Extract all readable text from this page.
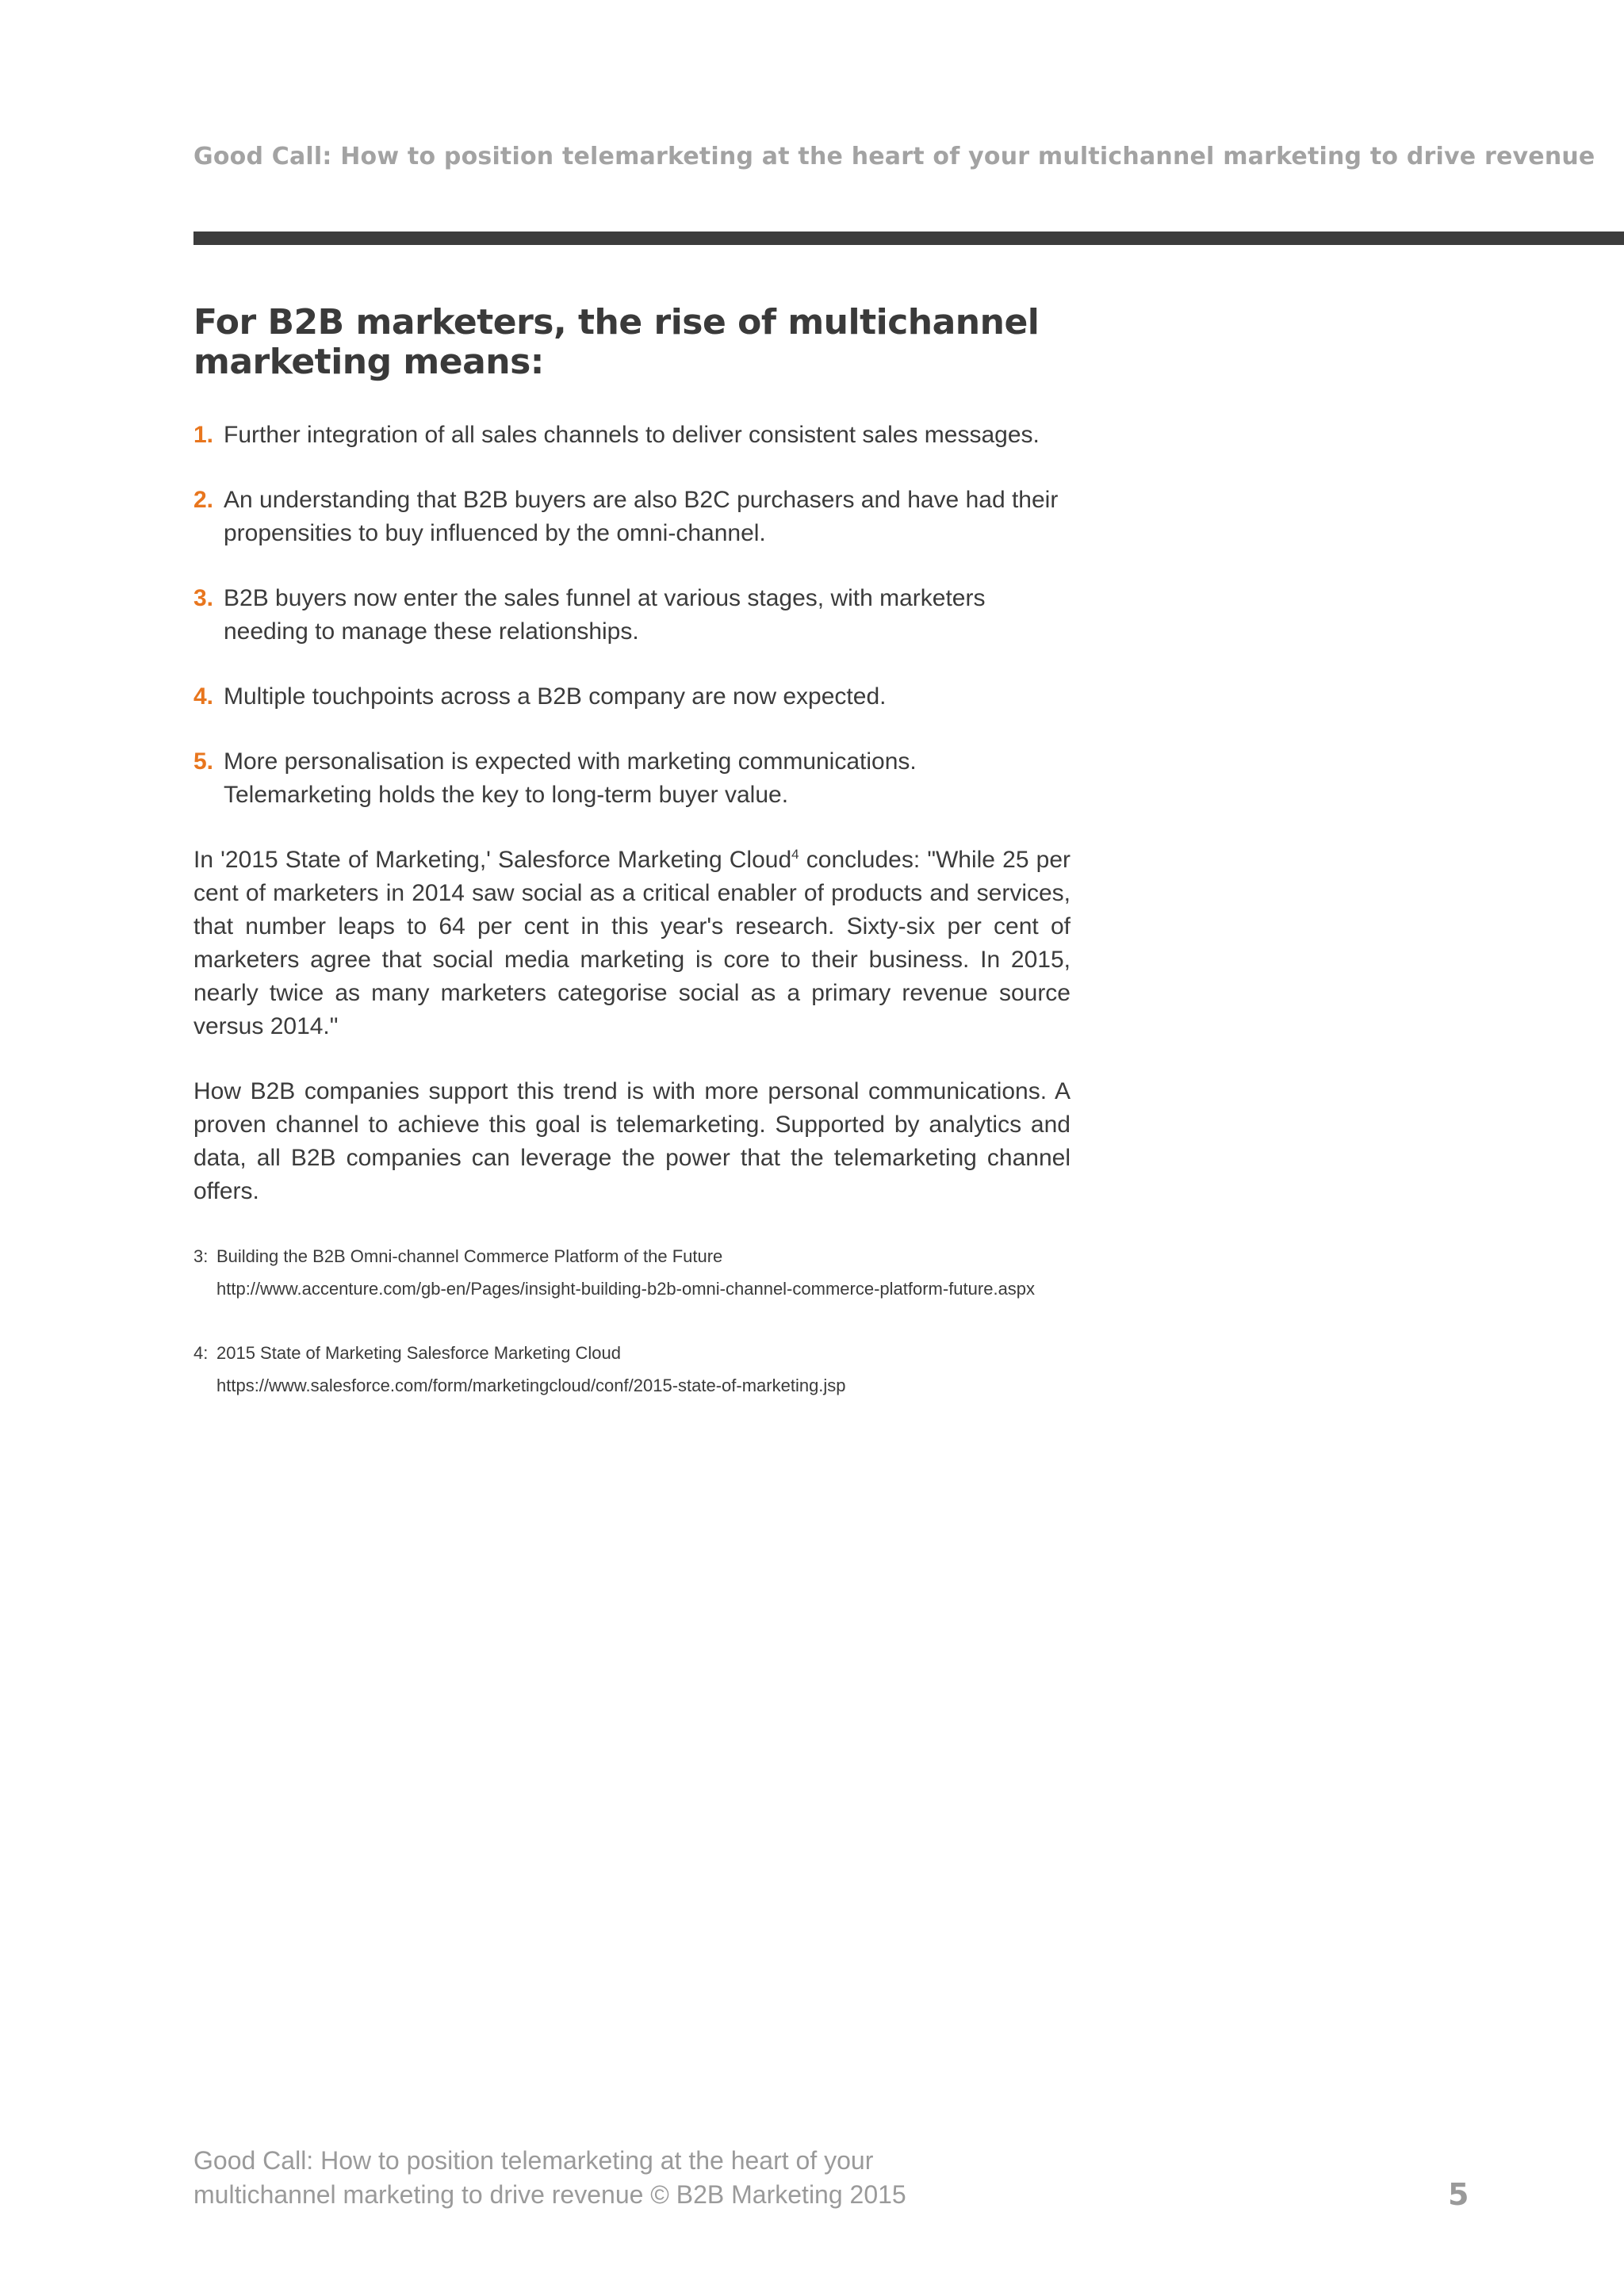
Good Call: How to position telemarketing at the heart of your multichannel marketing to drive revenue
For B2B marketers, the rise of multichannel marketing means:
1. Further integration of all sales channels to deliver consistent sales messages.
2. An understanding that B2B buyers are also B2C purchasers and have had their propensities to buy influenced by the omni-channel.
3. B2B buyers now enter the sales funnel at various stages, with marketers needing to manage these relationships.
4. Multiple touchpoints across a B2B company are now expected.
5. More personalisation is expected with marketing communications. Telemarketing holds the key to long-term buyer value.

In '2015 State of Marketing,' Salesforce Marketing Cloud$^4$ concludes: "While 25 per cent of marketers in 2014 saw social as a critical enabler of products and services, that number leaps to 64 per cent in this year's research. Sixty-six per cent of marketers agree that social media marketing is core to their business. In 2015, nearly twice as many marketers categorise social as a primary revenue source versus 2014."

How B2B companies support this trend is with more personal communications. A proven channel to achieve this goal is telemarketing. Supported by analytics and data, all B2B companies can leverage the power that the telemarketing channel offers.

3: Building the B2B Omni-channel Commerce Platform of the Future
http://www.accenture.com/gb-en/Pages/insight-building-b2b-omni-channel-commerce-platform-future.aspx
4: 2015 State of Marketing Salesforce Marketing Cloud
https://www.salesforce.com/form/marketingcloud/conf/2015-state-of-marketing.jsp
Good Call: How to position telemarketing at the heart of your
multichannel marketing to drive revenue © B2B Marketing 2015	5
